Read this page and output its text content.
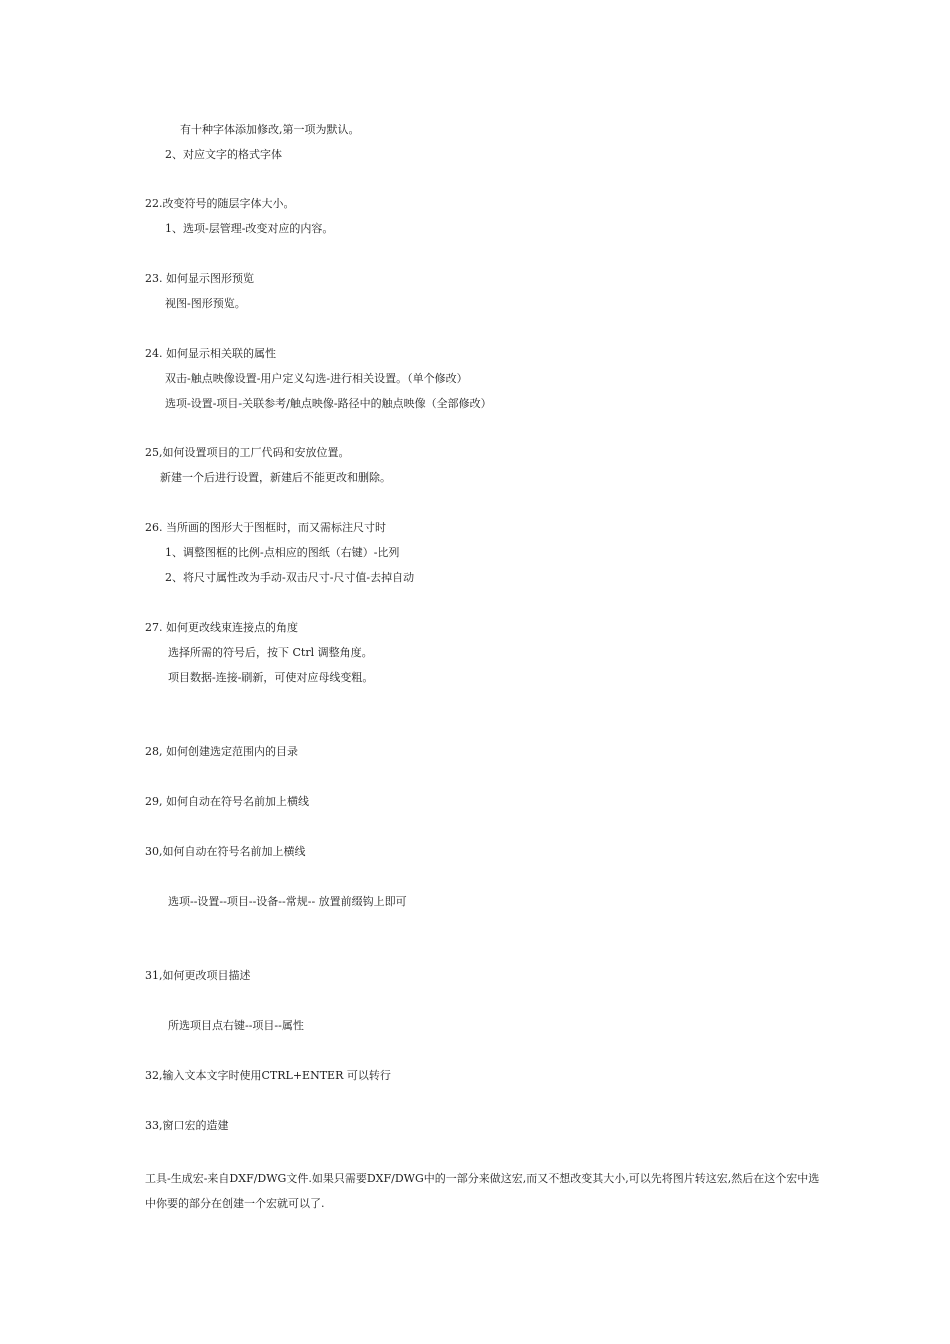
有十种字体添加修改,第一项为默认。
2、对应文字的格式字体
22.改变符号的随层字体大小。
1、选项-层管理-改变对应的内容。
23. 如何显示图形预览
视图-图形预览。
24. 如何显示相关联的属性
双击-触点映像设置-用户定义勾选-进行相关设置。（单个修改）
选项-设置-项目-关联参考/触点映像-路径中的触点映像（全部修改）
25,如何设置项目的工厂代码和安放位置。
新建一个后进行设置，新建后不能更改和删除。
26. 当所画的图形大于图框时，而又需标注尺寸时
1、调整图框的比例-点相应的图纸（右键）-比列
2、将尺寸属性改为手动-双击尺寸-尺寸值-去掉自动
27. 如何更改线束连接点的角度
选择所需的符号后，按下 Ctrl 调整角度。
项目数据-连接-刷新，可使对应母线变粗。
28, 如何创建选定范围内的目录
29, 如何自动在符号名前加上横线
30,如何自动在符号名前加上横线
选项--设置--项目--设备--常规-- 放置前缀钩上即可
31,如何更改项目描述
所选项目点右键--项目--属性
32,输入文本文字时使用CTRL+ENTER 可以转行
33,窗口宏的造建
工具-生成宏-来自DXF/DWG文件.如果只需要DXF/DWG中的一部分来做这宏,而又不想改变其大小,可以先将图片转这宏,然后在这个宏中选中你要的部分在创建一个宏就可以了.
